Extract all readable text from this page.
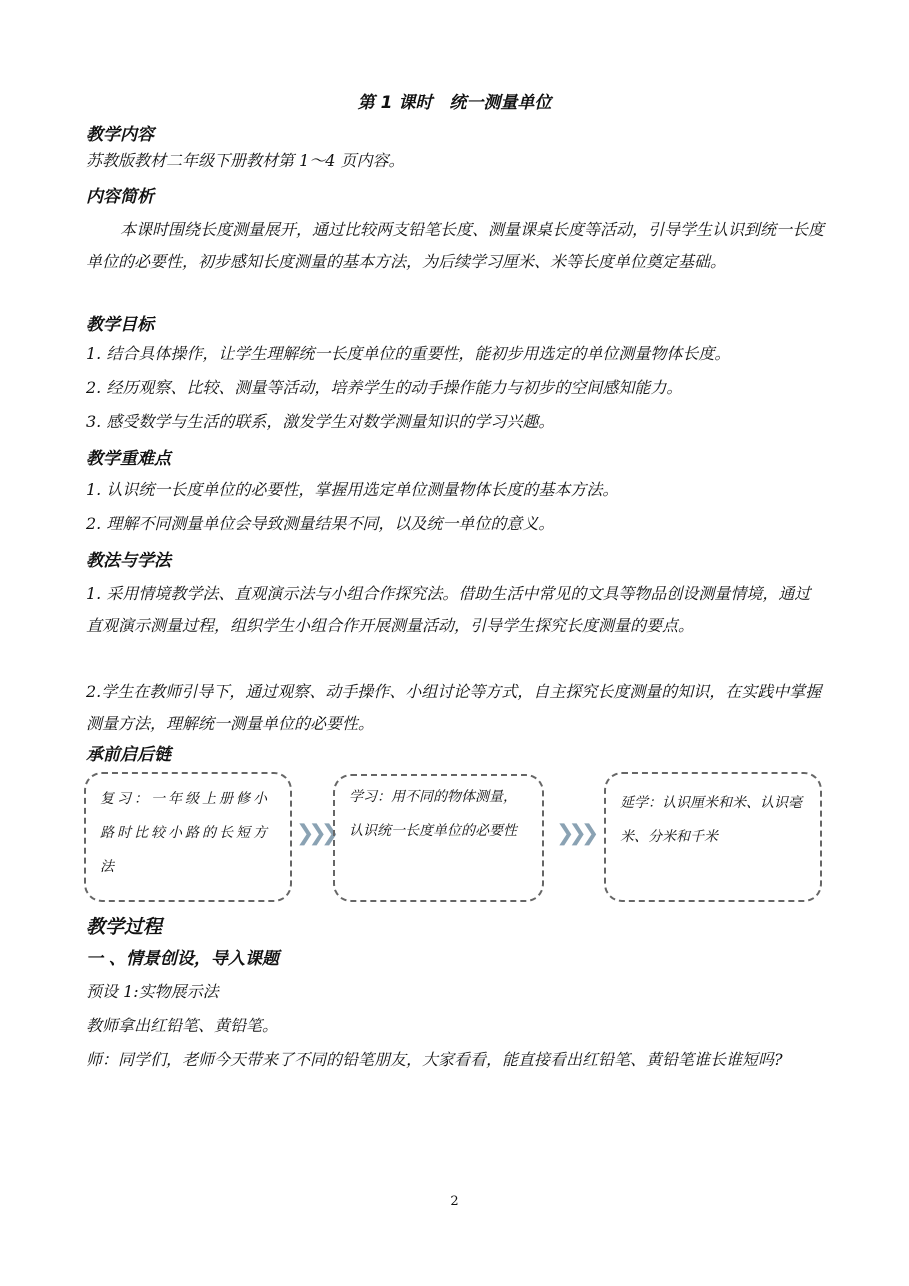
第 1 课时　统一测量单位
教学内容
苏教版教材二年级下册教材第 1～4 页内容。
内容简析
本课时围绕长度测量展开，通过比较两支铅笔长度、测量课桌长度等活动，引导学生认识到统一长度单位的必要性，初步感知长度测量的基本方法，为后续学习厘米、米等长度单位奠定基础。
教学目标
1. 结合具体操作，让学生理解统一长度单位的重要性，能初步用选定的单位测量物体长度。
2. 经历观察、比较、测量等活动，培养学生的动手操作能力与初步的空间感知能力。
3. 感受数学与生活的联系，激发学生对数学测量知识的学习兴趣。
教学重难点
1. 认识统一长度单位的必要性，掌握用选定单位测量物体长度的基本方法。
2. 理解不同测量单位会导致测量结果不同，以及统一单位的意义。
教法与学法
1. 采用情境教学法、直观演示法与小组合作探究法。借助生活中常见的文具等物品创设测量情境，通过直观演示测量过程，组织学生小组合作开展测量活动，引导学生探究长度测量的要点。
2.学生在教师引导下，通过观察、动手操作、小组讨论等方式，自主探究长度测量的知识，在实践中掌握测量方法，理解统一测量单位的必要性。
承前启后链
复习：一年级上册修小路时比较小路的长短方法
❯❯❯
学习：用不同的物体测量，认识统一长度单位的必要性	❯❯❯
延学：认识厘米和米、认识毫米、分米和千米
教学过程
一 、情景创设，导入课题
预设 1:实物展示法
教师拿出红铅笔、黄铅笔。
师：同学们，老师今天带来了不同的铅笔朋友，大家看看，能直接看出红铅笔、黄铅笔谁长谁短吗?
2
